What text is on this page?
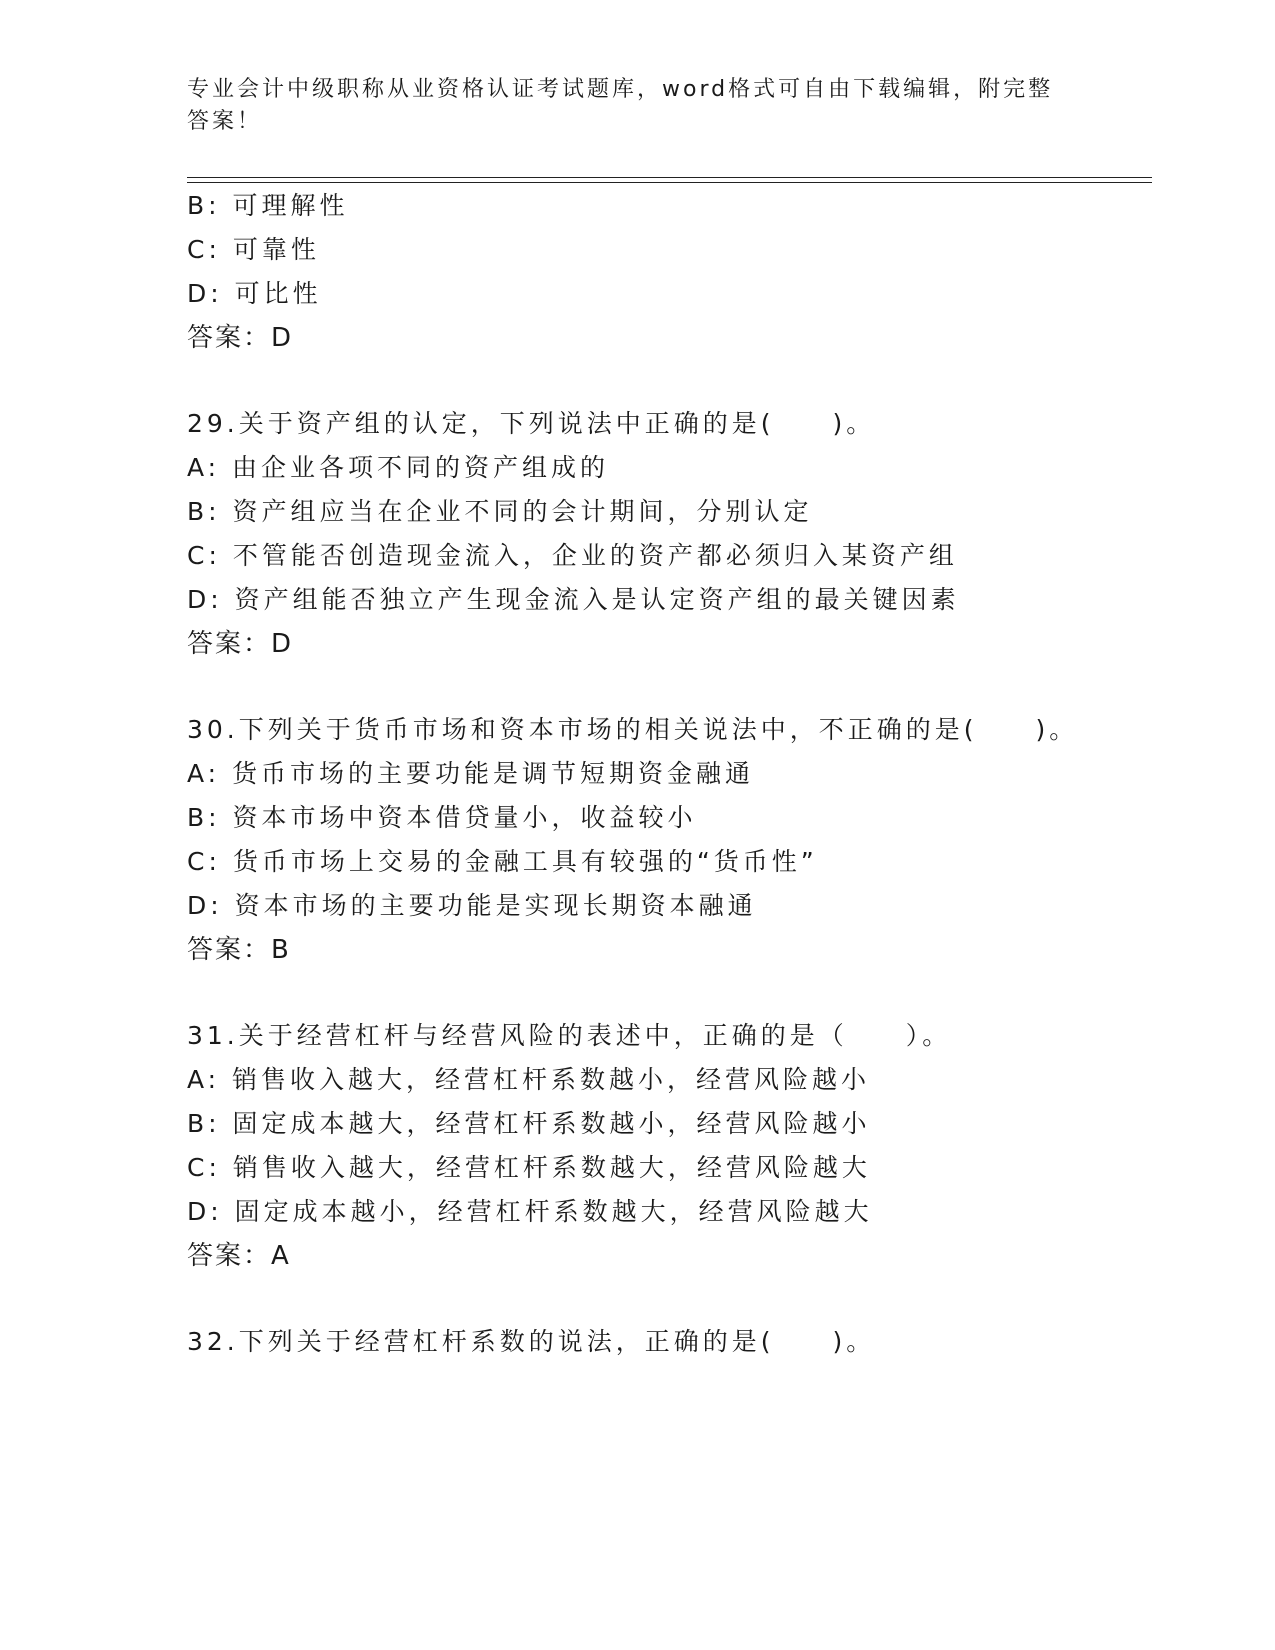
专业会计中级职称从业资格认证考试题库，word格式可自由下载编辑，附完整答案！
B: 可理解性
C: 可靠性
D: 可比性
答案：D
29.关于资产组的认定，下列说法中正确的是(　　)。
A: 由企业各项不同的资产组成的
B: 资产组应当在企业不同的会计期间，分别认定
C: 不管能否创造现金流入，企业的资产都必须归入某资产组
D: 资产组能否独立产生现金流入是认定资产组的最关键因素
答案：D
30.下列关于货币市场和资本市场的相关说法中，不正确的是(　　)。
A: 货币市场的主要功能是调节短期资金融通
B: 资本市场中资本借贷量小，收益较小
C: 货币市场上交易的金融工具有较强的“货币性”
D: 资本市场的主要功能是实现长期资本融通
答案：B
31.关于经营杠杆与经营风险的表述中，正确的是（　　）。
A: 销售收入越大，经营杠杆系数越小，经营风险越小
B: 固定成本越大，经营杠杆系数越小，经营风险越小
C: 销售收入越大，经营杠杆系数越大，经营风险越大
D: 固定成本越小，经营杠杆系数越大，经营风险越大
答案：A
32.下列关于经营杠杆系数的说法，正确的是(　　)。
